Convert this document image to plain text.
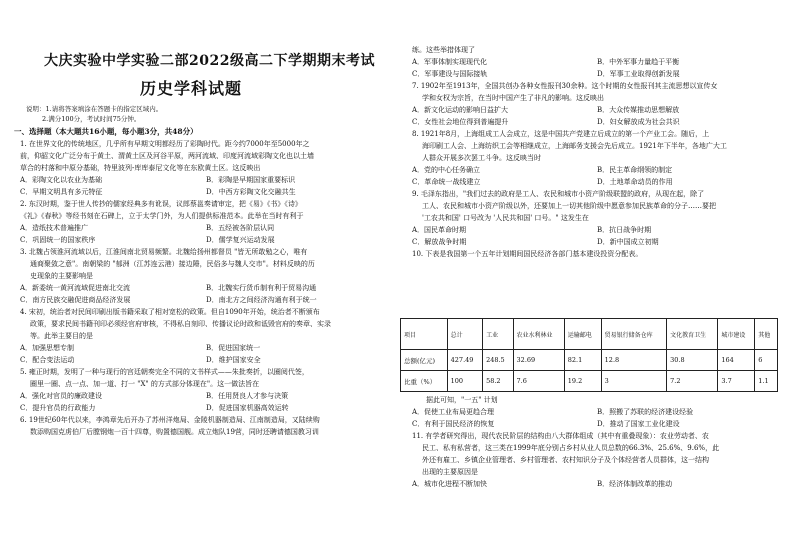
大庆实验中学实验二部2022级高二下学期期末考试
历史学科试题
说明：1.请将答案填涂在答题卡的指定区域内。
2.满分100分，考试时间75分钟。
一、选择题（本大题共16小题，每小题3分，共48分）
1. 在世界文化的传统地区，几乎所有早期文明都经历了彩陶时代。距今约7000年至5000年之
前，仰韶文化广泛分布于黄土、渭黄土区及河谷平原，两河流域、印度河流域彩陶文化也以土墙
草合的村落和中原分基础，特里波列-库库泰尼文化等在东欧黄土区。这反映出
A．彩陶文化以农业为基础	B．彩陶是早期国家重要标识
C．早期文明具有多元特征	D．中西方彩陶文化交融共生
2. 东汉时期，鉴于世人传抄的儒家经典多有讹误，议郎蔡邕奏请审定，把《易》《书》《诗》
《礼》《春秋》等经书刻在石碑上，立于太学门外，为人们提供标准范本。此举在当时有利于
A．造纸技术普遍推广	B．五经被各阶层认同
C．巩固统一的国家秩序	D．儒学复兴运动发展
3. 北魏占领淮河流域以后，江淮间南北贸易频繁。北魏给扬州都督员 "皆无所敢勉之心，唯有
通商聚敛之意"。南朝梁的 "郁洲（江苏连云港）接边陲，民俗多与魏人交市"。材料反映的历
史现象的主要影响是
A．新委统一黄河流域促进南北交流	B．北魏实行货币制有利于贸易沟通
C．南方民族交融促进商品经济发展	D．南北方之间经济沟通有利于统一
4. 宋初，统治者对民间印刷出版书籍采取了相对宽松的政策。但自1090年开始，统治者不断颁布
政策，要求民间书籍刊印必须经官府审核，不得私自刻印、传播议论时政和诋毁官府的奏章、实录
等。此举主要目的是
A．加强思想专制	B．促进国家统一
C．配合变法运动	D．维护国家安全
5. 雍正时期，发明了一种与现行的宫廷朝奏完全不同的文书样式——朱批奏折，以圈阅代签，
圈里一圈、点一点、加一道、打一 "X" 的方式部分体现在"。这一做法旨在
A．强化对官员的廉政建设	B．任用贤良人才参与决策
C．提升官员的行政能力	D．促进国家机器高效运转
6. 19世纪60年代以来，李鸿章先后开办了苏州洋炮局、金陵机器制造局、江南制造局，又陆续购
数添购国克虏伯厂后膛钢炮一百十四尊，购置德国舰。成立炮队19营，同时还聘请德国教习训
练。这些举措体现了
A．军事体制实现现代化	B．中外军事力量趋于平衡
C．军事建设与国际接轨	D．军事工业取得创新发展
7. 1902年至1913年，全国共创办各种女性报刊30余种。这个时期的女性报刊其主流思想以宣传女
学和女权为宗旨，在当时中国产生了非凡的影响。这反映出
A．新文化运动的影响日益扩大	B．大众传媒推动思想解放
C．女性社会地位得到普遍提升	D．妇女解放成为社会共识
8. 1921年8月，上海组成工人会成立，这是中国共产党建立后成立的第一个产业工会。随后，上
海印刷工人会、上海纺织工会等相继成立，上海邮务支援会先后成立。1921年下半年，各地广大工
人群众开展多次罢工斗争。这反映当时
A．党的中心任务确立	B．民主革命纲领的制定
C．革命统一战线建立	D．土地革命动员的作用
9. 毛泽东指出，"我们过去的政府是工人、农民和城市小资产阶级联盟的政府，从现在起，除了
工人、农民和城市小资产阶级以外，还要加上一切其他阶级中愿意参加民族革命的分子……要把
'工农共和国' 口号改为 '人民共和国' 口号。" 这发生在
A．国民革命时期	B．抗日战争时期
C．解放战争时期	D．新中国成立初期
10. 下表是我国第一个五年计划期间国民经济各部门基本建设投资分配表。
项目	总计	工业	农业水利林业	运输邮电	贸易银行储备仓库	文化教育卫生	城市建设	其他
总额(亿元)	427.49	248.5	32.69	82.1	12.8	30.8	164	6
比重（%）	100	58.2	7.6	19.2	3	7.2	3.7	1.1
据此可知，"一五" 计划
A．促使工业布局更趋合理	B．照搬了苏联的经济建设经验
C．有利于国民经济的恢复	D．推动了国家工业化建设
11. 有学者研究得出，现代农民阶层的结构由八大群体组成（其中有重叠现象）：农业劳动者、农
民工、私有私营者，这三类在1999年底分别占乡村从业人员总数的66.3%、25.6%、9.6%，此
外还有雇工、乡镇企业管理者、乡村管理者、农村知识分子及个体经营者人员群体，这一结构
出现的主要原因是
A．城市化进程不断加快	B．经济体制改革的推动
